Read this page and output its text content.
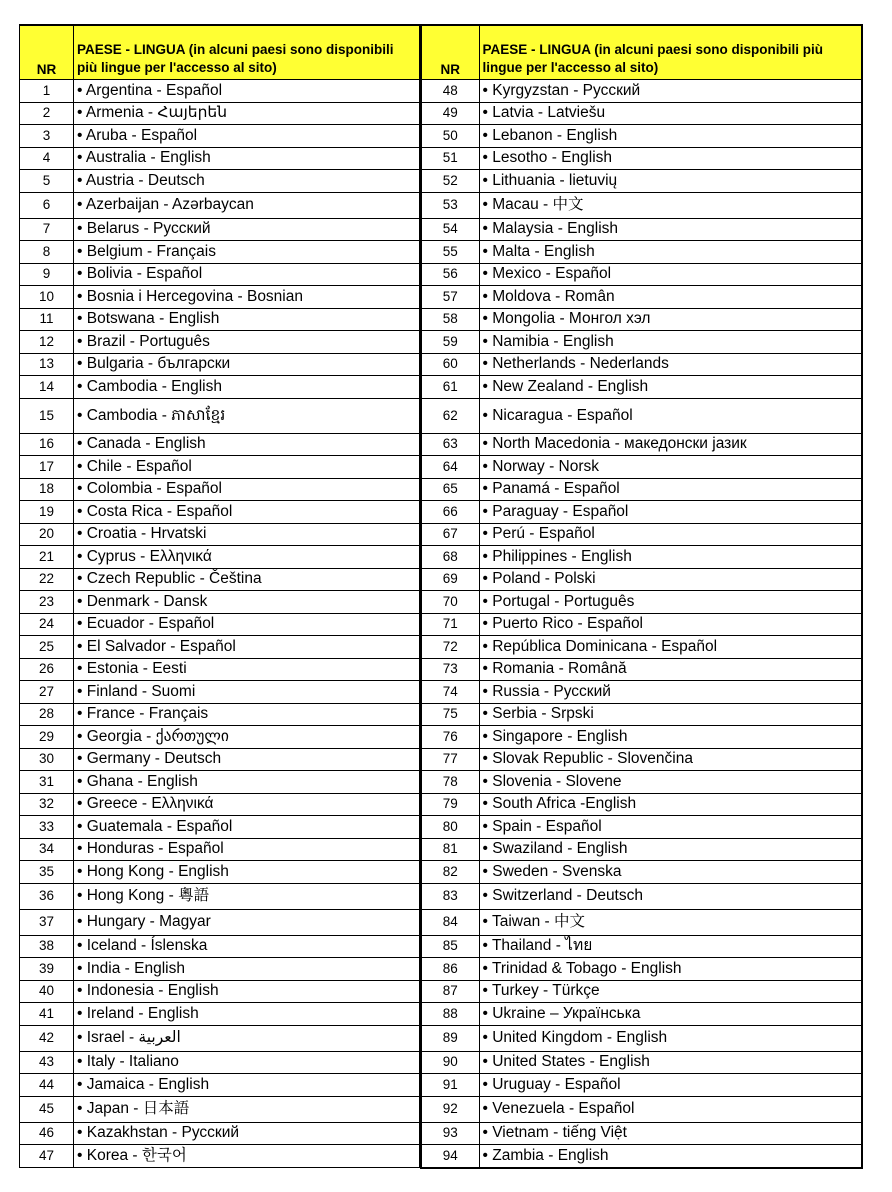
NR	PAESE - LINGUA (in alcuni paesi sono disponibili più lingue per l'accesso al sito)
1	• Argentina - Español
2	• Armenia - Հայերեն
3	• Aruba - Español
4	• Australia - English
5	• Austria - Deutsch
6	• Azerbaijan - Azərbaycan
7	• Belarus - Русский
8	• Belgium - Français
9	• Bolivia - Español
10	• Bosnia i Hercegovina - Bosnian
11	• Botswana - English
12	• Brazil - Português
13	• Bulgaria - български
14	• Cambodia - English
15	• Cambodia - ភាសាខ្មែរ
16	• Canada - English
17	• Chile - Español
18	• Colombia - Español
19	• Costa Rica - Español
20	• Croatia - Hrvatski
21	• Cyprus - Ελληνικά
22	• Czech Republic - Čeština
23	• Denmark - Dansk
24	• Ecuador - Español
25	• El Salvador - Español
26	• Estonia - Eesti
27	• Finland - Suomi
28	• France - Français
29	• Georgia - ქართული
30	• Germany - Deutsch
31	• Ghana - English
32	• Greece - Ελληνικά
33	• Guatemala - Español
34	• Honduras - Español
35	• Hong Kong - English
36	• Hong Kong - 粵語
37	• Hungary - Magyar
38	• Iceland - Íslenska
39	• India - English
40	• Indonesia - English
41	• Ireland - English
42	• Israel - العربية
43	• Italy - Italiano
44	• Jamaica - English
45	• Japan - 日本語
46	• Kazakhstan - Русский
47	• Korea - 한국어
NR	PAESE - LINGUA (in alcuni paesi sono disponibili più lingue per l'accesso al sito)
48	• Kyrgyzstan - Русский
49	• Latvia - Latviešu
50	• Lebanon - English
51	• Lesotho - English
52	• Lithuania - lietuvių
53	• Macau - 中文
54	• Malaysia - English
55	• Malta - English
56	• Mexico - Español
57	• Moldova - Român
58	• Mongolia - Монгол хэл
59	• Namibia - English
60	• Netherlands - Nederlands
61	• New Zealand - English
62	• Nicaragua - Español
63	• North Macedonia - македонски јазик
64	• Norway - Norsk
65	• Panamá - Español
66	• Paraguay - Español
67	• Perú - Español
68	• Philippines - English
69	• Poland - Polski
70	• Portugal - Português
71	• Puerto Rico - Español
72	• República Dominicana - Español
73	• Romania - Română
74	• Russia - Русский
75	• Serbia - Srpski
76	• Singapore - English
77	• Slovak Republic - Slovenčina
78	• Slovenia - Slovene
79	• South Africa -English
80	• Spain - Español
81	• Swaziland - English
82	• Sweden - Svenska
83	• Switzerland - Deutsch
84	• Taiwan - 中文
85	• Thailand - ไทย
86	• Trinidad & Tobago - English
87	• Turkey - Türkçe
88	• Ukraine – Українська
89	• United Kingdom - English
90	• United States - English
91	• Uruguay - Español
92	• Venezuela - Español
93	• Vietnam - tiếng Việt
94	• Zambia - English
